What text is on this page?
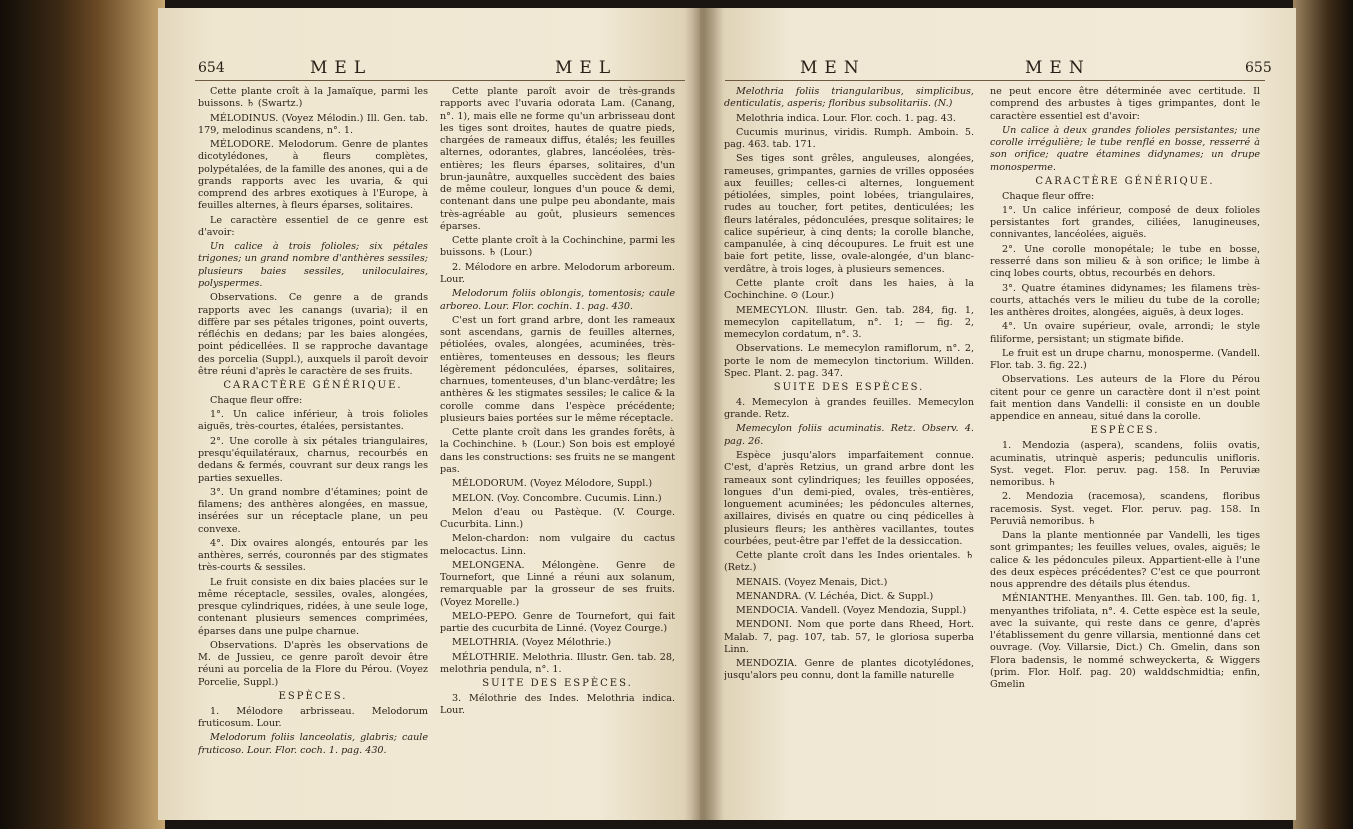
654	MEL	MEL	MEN	MEN	655

Cette plante croît à la Jamaïque, parmi les buissons. ♄ (Swartz.)

MÉLODINUS. (Voyez Mélodin.) Ill. Gen. tab. 179, melodinus scandens, n°. 1.

MÉLODORE. Melodorum. Genre de plantes dicotylédones, à fleurs complètes, polypétalées, de la famille des anones, qui a de grands rapports avec les uvaria, & qui comprend des arbres exotiques à l'Europe, à feuilles alternes, à fleurs éparses, solitaires.

Le caractère essentiel de ce genre est d'avoir:

Un calice à trois folioles; six pétales trigones; un grand nombre d'anthères sessiles; plusieurs baies sessiles, uniloculaires, polyspermes.

Observations. Ce genre a de grands rapports avec les canangs (uvaria); il en diffère par ses pétales trigones, point ouverts, réfléchis en dedans; par les baies alongées, point pédicellées. Il se rapproche davantage des porcelia (Suppl.), auxquels il paroît devoir être réuni d'après le caractère de ses fruits.

CARACTÈRE GÉNÉRIQUE.

Chaque fleur offre:

1°. Un calice inférieur, à trois folioles aiguës, très-courtes, étalées, persistantes.

2°. Une corolle à six pétales triangulaires, presqu'équilatéraux, charnus, recourbés en dedans & fermés, couvrant sur deux rangs les parties sexuelles.

3°. Un grand nombre d'étamines; point de filamens; des anthères alongées, en massue, insérées sur un réceptacle plane, un peu convexe.

4°. Dix ovaires alongés, entourés par les anthères, serrés, couronnés par des stigmates très-courts & sessiles.

Le fruit consiste en dix baies placées sur le même réceptacle, sessiles, ovales, alongées, presque cylindriques, ridées, à une seule loge, contenant plusieurs semences comprimées, éparses dans une pulpe charnue.

Observations. D'après les observations de M. de Jussieu, ce genre paroît devoir être réuni au porcelia de la Flore du Pérou. (Voyez Porcelie, Suppl.)

ESPÈCES.

1. Mélodore arbrisseau. Melodorum fruticosum. Lour.

Melodorum foliis lanceolatis, glabris; caule fruticoso. Lour. Flor. coch. 1. pag. 430.

Cette plante paroît avoir de très-grands rapports avec l'uvaria odorata Lam. (Canang, n°. 1), mais elle ne forme qu'un arbrisseau dont les tiges sont droites, hautes de quatre pieds, chargées de rameaux diffus, étalés; les feuilles alternes, odorantes, glabres, lancéolées, très-entières; les fleurs éparses, solitaires, d'un brun-jaunâtre, auxquelles succèdent des baies de même couleur, longues d'un pouce & demi, contenant dans une pulpe peu abondante, mais très-agréable au goût, plusieurs semences éparses.

Cette plante croît à la Cochinchine, parmi les buissons. ♄ (Lour.)

2. Mélodore en arbre. Melodorum arboreum. Lour.

Melodorum foliis oblongis, tomentosis; caule arboreo. Lour. Flor. cochin. 1. pag. 430.

C'est un fort grand arbre, dont les rameaux sont ascendans, garnis de feuilles alternes, pétiolées, ovales, alongées, acuminées, très-entières, tomenteuses en dessous; les fleurs légèrement pédonculées, éparses, solitaires, charnues, tomenteuses, d'un blanc-verdâtre; les anthères & les stigmates sessiles; le calice & la corolle comme dans l'espèce précédente; plusieurs baies portées sur le même réceptacle.

Cette plante croît dans les grandes forêts, à la Cochinchine. ♄ (Lour.) Son bois est employé dans les constructions: ses fruits ne se mangent pas.

MÉLODORUM. (Voyez Mélodore, Suppl.)

MELON. (Voy. Concombre. Cucumis. Linn.)

Melon d'eau ou Pastèque. (V. Courge. Cucurbita. Linn.)

Melon-chardon: nom vulgaire du cactus melocactus. Linn.

MELONGENA. Mélongène. Genre de Tournefort, que Linné a réuni aux solanum, remarquable par la grosseur de ses fruits. (Voyez Morelle.)

MELO-PEPO. Genre de Tournefort, qui fait partie des cucurbita de Linné. (Voyez Courge.)

MELOTHRIA. (Voyez Mélothrie.)

MÉLOTHRIE. Melothria. Illustr. Gen. tab. 28, melothria pendula, n°. 1.

SUITE DES ESPÈCES.

3. Mélothrie des Indes. Melothria indica. Lour.

Melothria foliis triangularibus, simplicibus, denticulatis, asperis; floribus subsolitariis. (N.)

Melothria indica. Lour. Flor. coch. 1. pag. 43.

Cucumis murinus, viridis. Rumph. Amboin. 5. pag. 463. tab. 171.

Ses tiges sont grêles, anguleuses, alongées, rameuses, grimpantes, garnies de vrilles opposées aux feuilles; celles-ci alternes, longuement pétiolées, simples, point lobées, triangulaires, rudes au toucher, fort petites, denticulées; les fleurs latérales, pédonculées, presque solitaires; le calice supérieur, à cinq dents; la corolle blanche, campanulée, à cinq découpures. Le fruit est une baie fort petite, lisse, ovale-alongée, d'un blanc-verdâtre, à trois loges, à plusieurs semences.

Cette plante croît dans les haies, à la Cochinchine. ⊙ (Lour.)

MEMECYLON. Illustr. Gen. tab. 284, fig. 1, memecylon capitellatum, n°. 1; — fig. 2, memecylon cordatum, n°. 3.

Observations. Le memecylon ramiflorum, n°. 2, porte le nom de memecylon tinctorium. Willden. Spec. Plant. 2. pag. 347.

SUITE DES ESPÈCES.

4. Memecylon à grandes feuilles. Memecylon grande. Retz.

Memecylon foliis acuminatis. Retz. Observ. 4. pag. 26.

Espèce jusqu'alors imparfaitement connue. C'est, d'après Retzius, un grand arbre dont les rameaux sont cylindriques; les feuilles opposées, longues d'un demi-pied, ovales, très-entières, longuement acuminées; les pédoncules alternes, axillaires, divisés en quatre ou cinq pédicelles à plusieurs fleurs; les anthères vacillantes, toutes courbées, peut-être par l'effet de la dessiccation.

Cette plante croît dans les Indes orientales. ♄ (Retz.)

MENAIS. (Voyez Menais, Dict.)

MENANDRA. (V. Léchéa, Dict. & Suppl.)

MENDOCIA. Vandell. (Voyez Mendozia, Suppl.)

MENDONI. Nom que porte dans Rheed, Hort. Malab. 7, pag. 107, tab. 57, le gloriosa superba Linn.

MENDOZIA. Genre de plantes dicotylédones, jusqu'alors peu connu, dont la famille naturelle

ne peut encore être déterminée avec certitude. Il comprend des arbustes à tiges grimpantes, dont le caractère essentiel est d'avoir:

Un calice à deux grandes folioles persistantes; une corolle irrégulière; le tube renflé en bosse, resserré à son orifice; quatre étamines didynames; un drupe monosperme.

CARACTÈRE GÉNÉRIQUE.

Chaque fleur offre:

1°. Un calice inférieur, composé de deux folioles persistantes fort grandes, ciliées, lanugineuses, connivantes, lancéolées, aiguës.

2°. Une corolle monopétale; le tube en bosse, resserré dans son milieu & à son orifice; le limbe à cinq lobes courts, obtus, recourbés en dehors.

3°. Quatre étamines didynames; les filamens très-courts, attachés vers le milieu du tube de la corolle; les anthères droites, alongées, aiguës, à deux loges.

4°. Un ovaire supérieur, ovale, arrondi; le style filiforme, persistant; un stigmate bifide.

Le fruit est un drupe charnu, monosperme. (Vandell. Flor. tab. 3. fig. 22.)

Observations. Les auteurs de la Flore du Pérou citent pour ce genre un caractère dont il n'est point fait mention dans Vandelli: il consiste en un double appendice en anneau, situé dans la corolle.

ESPÈCES.

1. Mendozia (aspera), scandens, foliis ovatis, acuminatis, utrinquè asperis; pedunculis unifloris. Syst. veget. Flor. peruv. pag. 158. In Peruviæ nemoribus. ♄

2. Mendozia (racemosa), scandens, floribus racemosis. Syst. veget. Flor. peruv. pag. 158. In Peruviâ nemoribus. ♄

Dans la plante mentionnée par Vandelli, les tiges sont grimpantes; les feuilles velues, ovales, aiguës; le calice & les pédoncules pileux. Appartient-elle à l'une des deux espèces précédentes? C'est ce que pourront nous apprendre des détails plus étendus.

MÉNIANTHE. Menyanthes. Ill. Gen. tab. 100, fig. 1, menyanthes trifoliata, n°. 4. Cette espèce est la seule, avec la suivante, qui reste dans ce genre, d'après l'établissement du genre villarsia, mentionné dans cet ouvrage. (Voy. Villarsie, Dict.) Ch. Gmelin, dans son Flora badensis, le nommé schweyckerta, & Wiggers (prim. Flor. Holf. pag. 20) walddschmidtia; enfin, Gmelin
